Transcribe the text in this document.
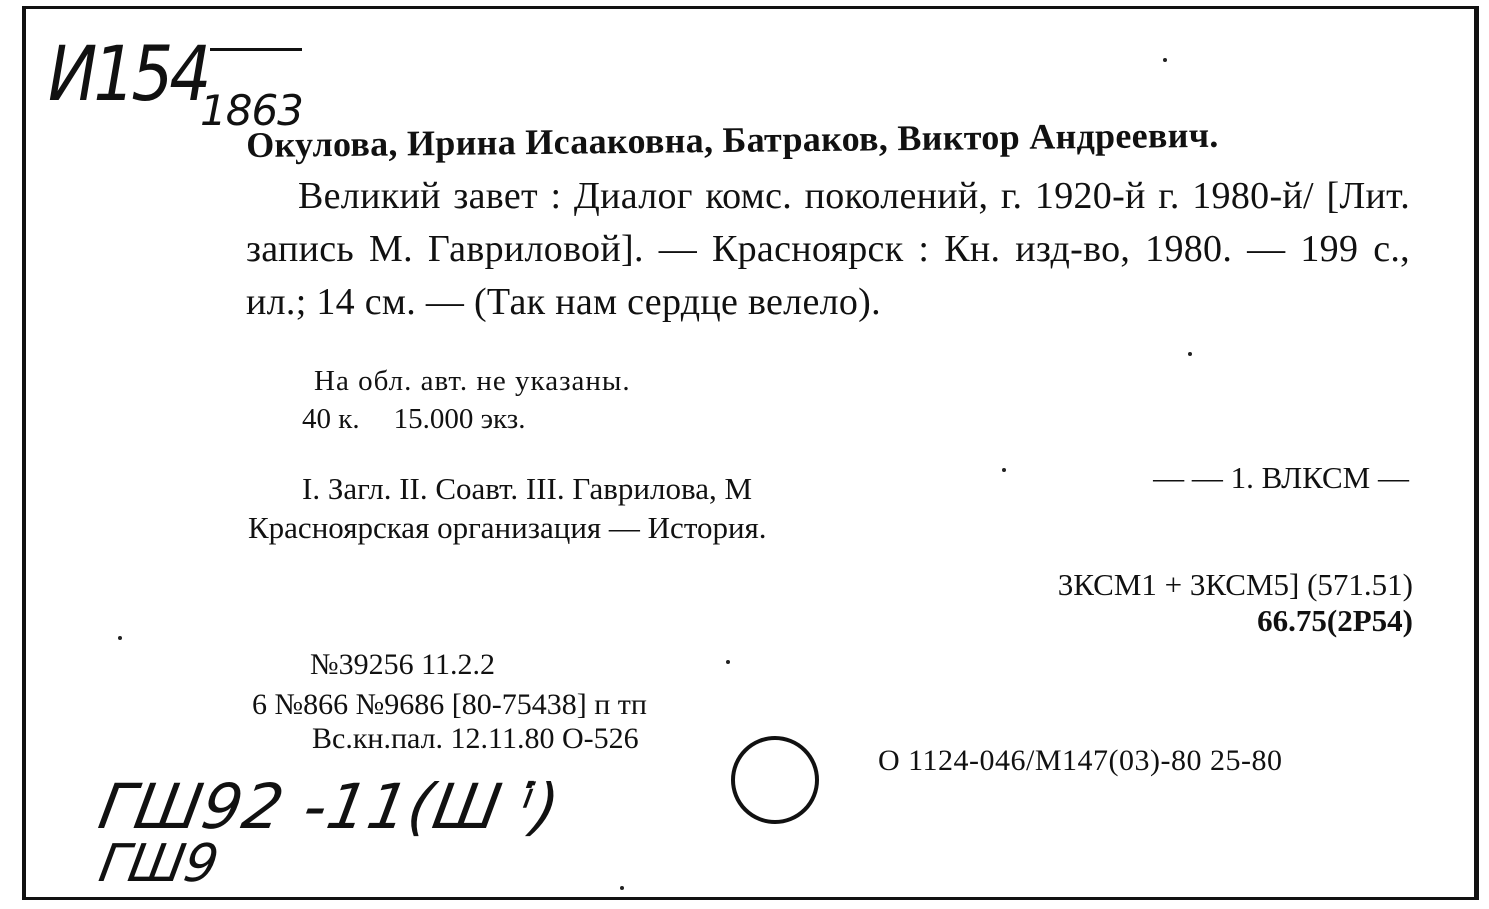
И154
1863
Окулова, Ирина Исааковна, Батраков, Виктор Андреевич.
Великий завет : Диалог комс. поколений, г. 1920-й г. 1980-й/ [Лит. запись М. Гавриловой]. — Красноярск : Кн. изд-во, 1980. — 199 с., ил.; 14 см. — (Так нам сердце велело).
На обл. авт. не указаны.
40 к. 15.000 экз.
I. Загл. II. Соавт. III. Гаврилова, М	— — 1. ВЛКСМ —
Красноярская организация — История.
3КСМ1 + 3КСМ5] (571.51)
66.75(2Р54)
№39256 11.2.2
6 №866 №9686 [80-75438] п тп
Вс.кн.пал. 12.11.80 О-526
О 1124-046/М147(03)-80 25-80
ГШ92 -11(Ш ⁱ̇)
ГШ9
